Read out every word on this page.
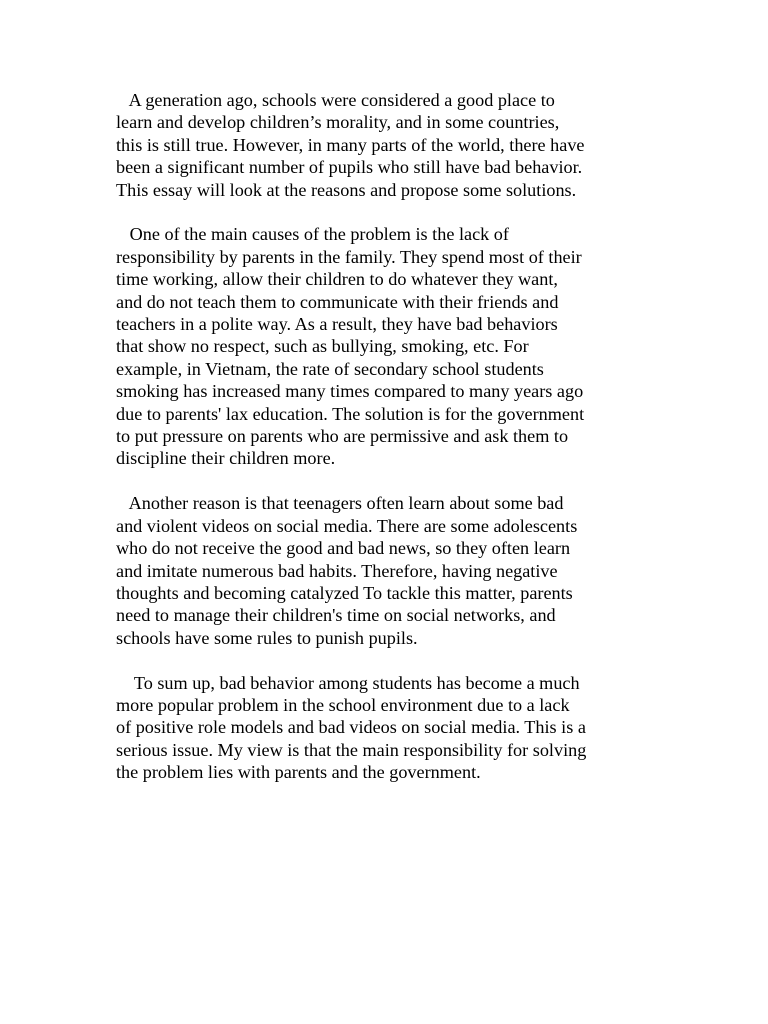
A generation ago, schools were considered a good place to
learn and develop children’s morality, and in some countries,
this is still true. However, in many parts of the world, there have
been a significant number of pupils who still have bad behavior.
This essay will look at the reasons and propose some solutions.

One of the main causes of the problem is the lack of
responsibility by parents in the family. They spend most of their
time working, allow their children to do whatever they want,
and do not teach them to communicate with their friends and
teachers in a polite way. As a result, they have bad behaviors
that show no respect, such as bullying, smoking, etc. For
example, in Vietnam, the rate of secondary school students
smoking has increased many times compared to many years ago
due to parents' lax education. The solution is for the government
to put pressure on parents who are permissive and ask them to
discipline their children more.

Another reason is that teenagers often learn about some bad
and violent videos on social media. There are some adolescents
who do not receive the good and bad news, so they often learn
and imitate numerous bad habits. Therefore, having negative
thoughts and becoming catalyzed To tackle this matter, parents
need to manage their children's time on social networks, and
schools have some rules to punish pupils.

To sum up, bad behavior among students has become a much
more popular problem in the school environment due to a lack
of positive role models and bad videos on social media. This is a
serious issue. My view is that the main responsibility for solving
the problem lies with parents and the government.
